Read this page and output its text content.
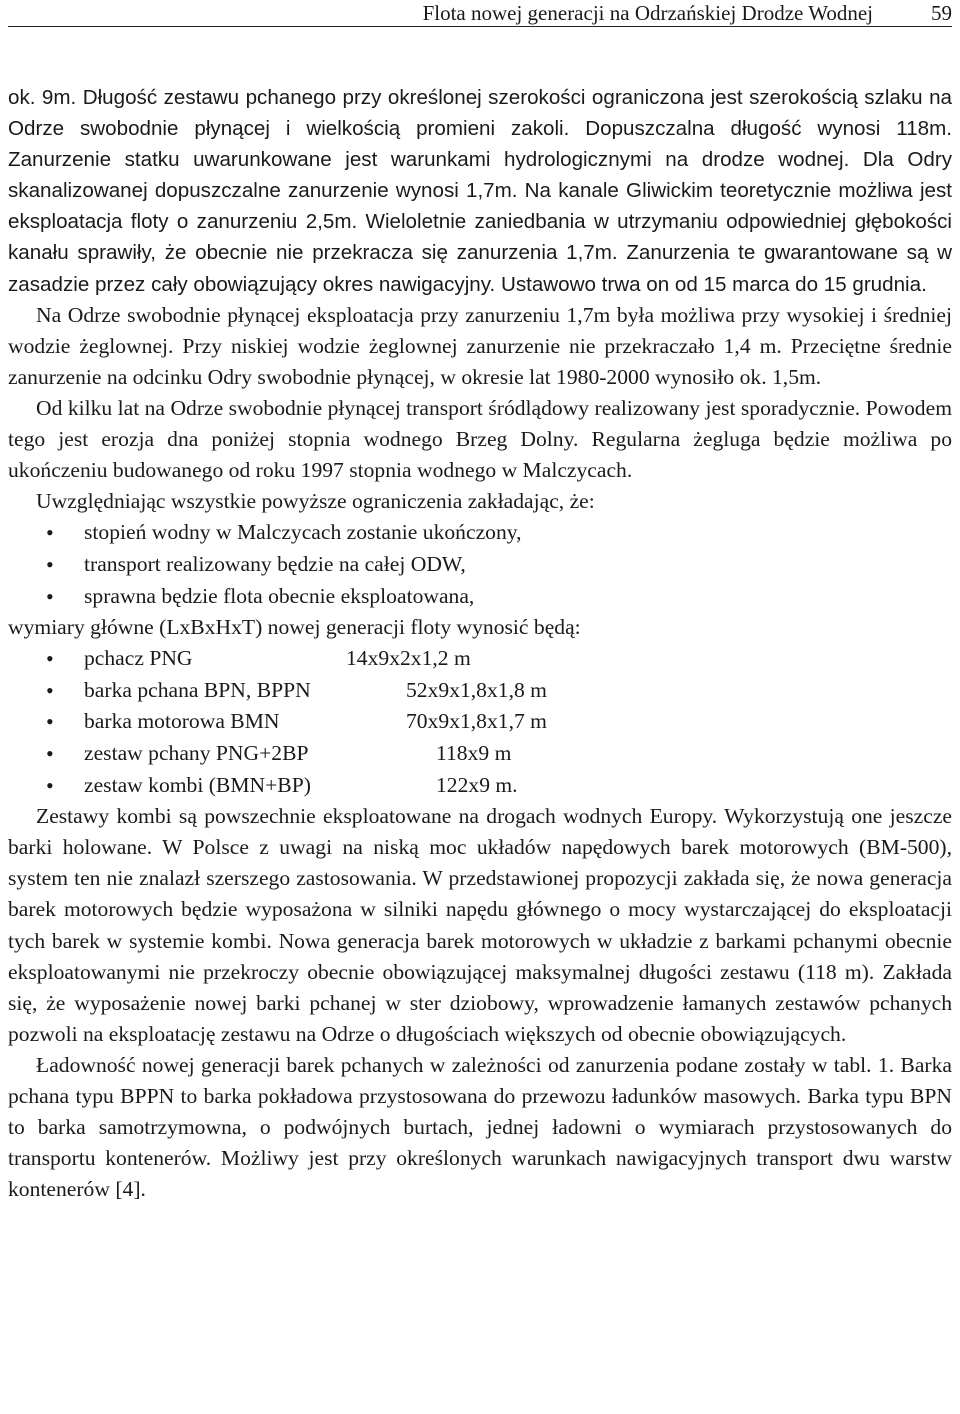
Flota nowej generacji na Odrzańskiej Drodze Wodnej	59

ok. 9m. Długość zestawu pchanego przy określonej szerokości ograniczona jest szerokością szlaku na Odrze swobodnie płynącej i wielkością promieni zakoli. Dopuszczalna długość wynosi 118m. Zanurzenie statku uwarunkowane jest warunkami hydrologicznymi na drodze wodnej. Dla Odry skanalizowanej dopuszczalne zanurzenie wynosi 1,7m. Na kanale Gliwickim teoretycznie możliwa jest eksploatacja floty o zanurzeniu 2,5m. Wieloletnie zaniedbania w utrzymaniu odpowiedniej głębokości kanału sprawiły, że obecnie nie przekracza się zanurzenia 1,7m. Zanurzenia te gwarantowane są w zasadzie przez cały obowiązujący okres nawigacyjny. Ustawowo trwa on od 15 marca do 15 grudnia.

Na Odrze swobodnie płynącej eksploatacja przy zanurzeniu 1,7m była możliwa przy wysokiej i średniej wodzie żeglownej. Przy niskiej wodzie żeglownej zanurzenie nie przekraczało 1,4 m. Przeciętne średnie zanurzenie na odcinku Odry swobodnie płynącej, w okresie lat 1980-2000 wynosiło ok. 1,5m.

Od kilku lat na Odrze swobodnie płynącej transport śródlądowy realizowany jest sporadycznie. Powodem tego jest erozja dna poniżej stopnia wodnego Brzeg Dolny. Regularna żegluga będzie możliwa po ukończeniu budowanego od roku 1997 stopnia wodnego w Malczycach.

Uwzględniając wszystkie powyższe ograniczenia zakładając, że:

• stopień wodny w Malczycach zostanie ukończony,
• transport realizowany będzie na całej ODW,
• sprawna będzie flota obecnie eksploatowana,

wymiary główne (LxBxHxT) nowej generacji floty wynosić będą:

• pchacz PNG	14x9x2x1,2 m
• barka pchana BPN, BPPN	52x9x1,8x1,8 m
• barka motorowa BMN	70x9x1,8x1,7 m
• zestaw pchany PNG+2BP	118x9 m
• zestaw kombi (BMN+BP)	122x9 m.

Zestawy kombi są powszechnie eksploatowane na drogach wodnych Europy. Wykorzystują one jeszcze barki holowane. W Polsce z uwagi na niską moc układów napędowych barek motorowych (BM-500), system ten nie znalazł szerszego zastosowania. W przedstawionej propozycji zakłada się, że nowa generacja barek motorowych będzie wyposażona w silniki napędu głównego o mocy wystarczającej do eksploatacji tych barek w systemie kombi. Nowa generacja barek motorowych w układzie z barkami pchanymi obecnie eksploatowanymi nie przekroczy obecnie obowiązującej maksymalnej długości zestawu (118 m). Zakłada się, że wyposażenie nowej barki pchanej w ster dziobowy, wprowadzenie łamanych zestawów pchanych pozwoli na eksploatację zestawu na Odrze o długościach większych od obecnie obowiązujących.

Ładowność nowej generacji barek pchanych w zależności od zanurzenia podane zostały w tabl. 1. Barka pchana typu BPPN to barka pokładowa przystosowana do przewozu ładunków masowych. Barka typu BPN to barka samotrzymowna, o podwójnych burtach, jednej ładowni o wymiarach przystosowanych do transportu kontenerów. Możliwy jest przy określonych warunkach nawigacyjnych transport dwu warstw kontenerów [4].
